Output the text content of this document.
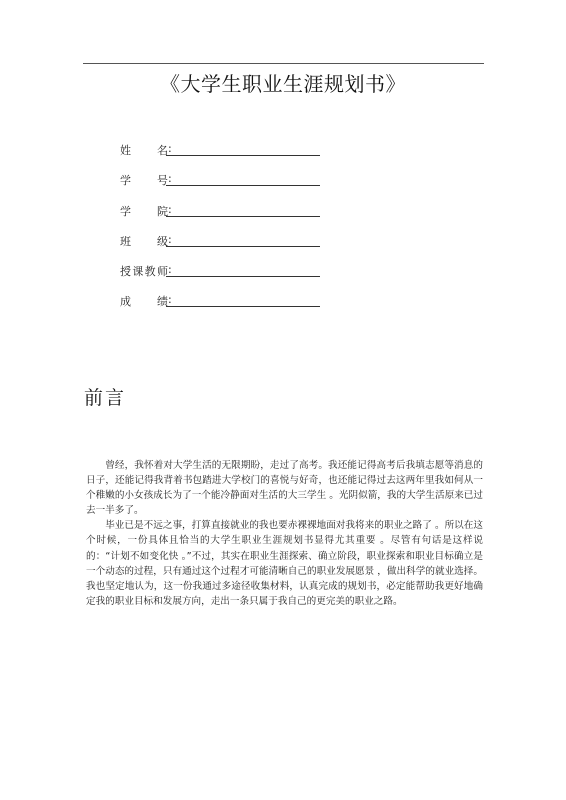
《大学生职业生涯规划书》
姓 名 :
学 号 :
学 院 :
班 级 :
授课教师 :
成 绩 :
前言

曾经，我怀着对大学生活的无限期盼，走过了高考。我还能记得高考后我填志愿等消息的日子，还能记得我背着书包踏进大学校门的喜悦与好奇，也还能记得过去这两年里我如何从一个稚嫩的小女孩成长为了一个能冷静面对生活的大三学生 。光阴似箭，我的大学生活原来已过去一半多了。

毕业已是不远之事，打算直接就业的我也要赤裸裸地面对我将来的职业之路了 。所以在这个时候，一份具体且恰当的大学生职业生涯规划书显得尤其重要 。尽管有句话是这样说的：“计划不如变化快 。”不过，其实在职业生涯探索、确立阶段，职业探索和职业目标确立是一个动态的过程，只有通过这个过程才可能清晰自己的职业发展愿景 ，做出科学的就业选择。我也坚定地认为，这一份我通过多途径收集材料，认真完成的规划书，必定能帮助我更好地确定我的职业目标和发展方向，走出一条只属于我自己的更完美的职业之路。
